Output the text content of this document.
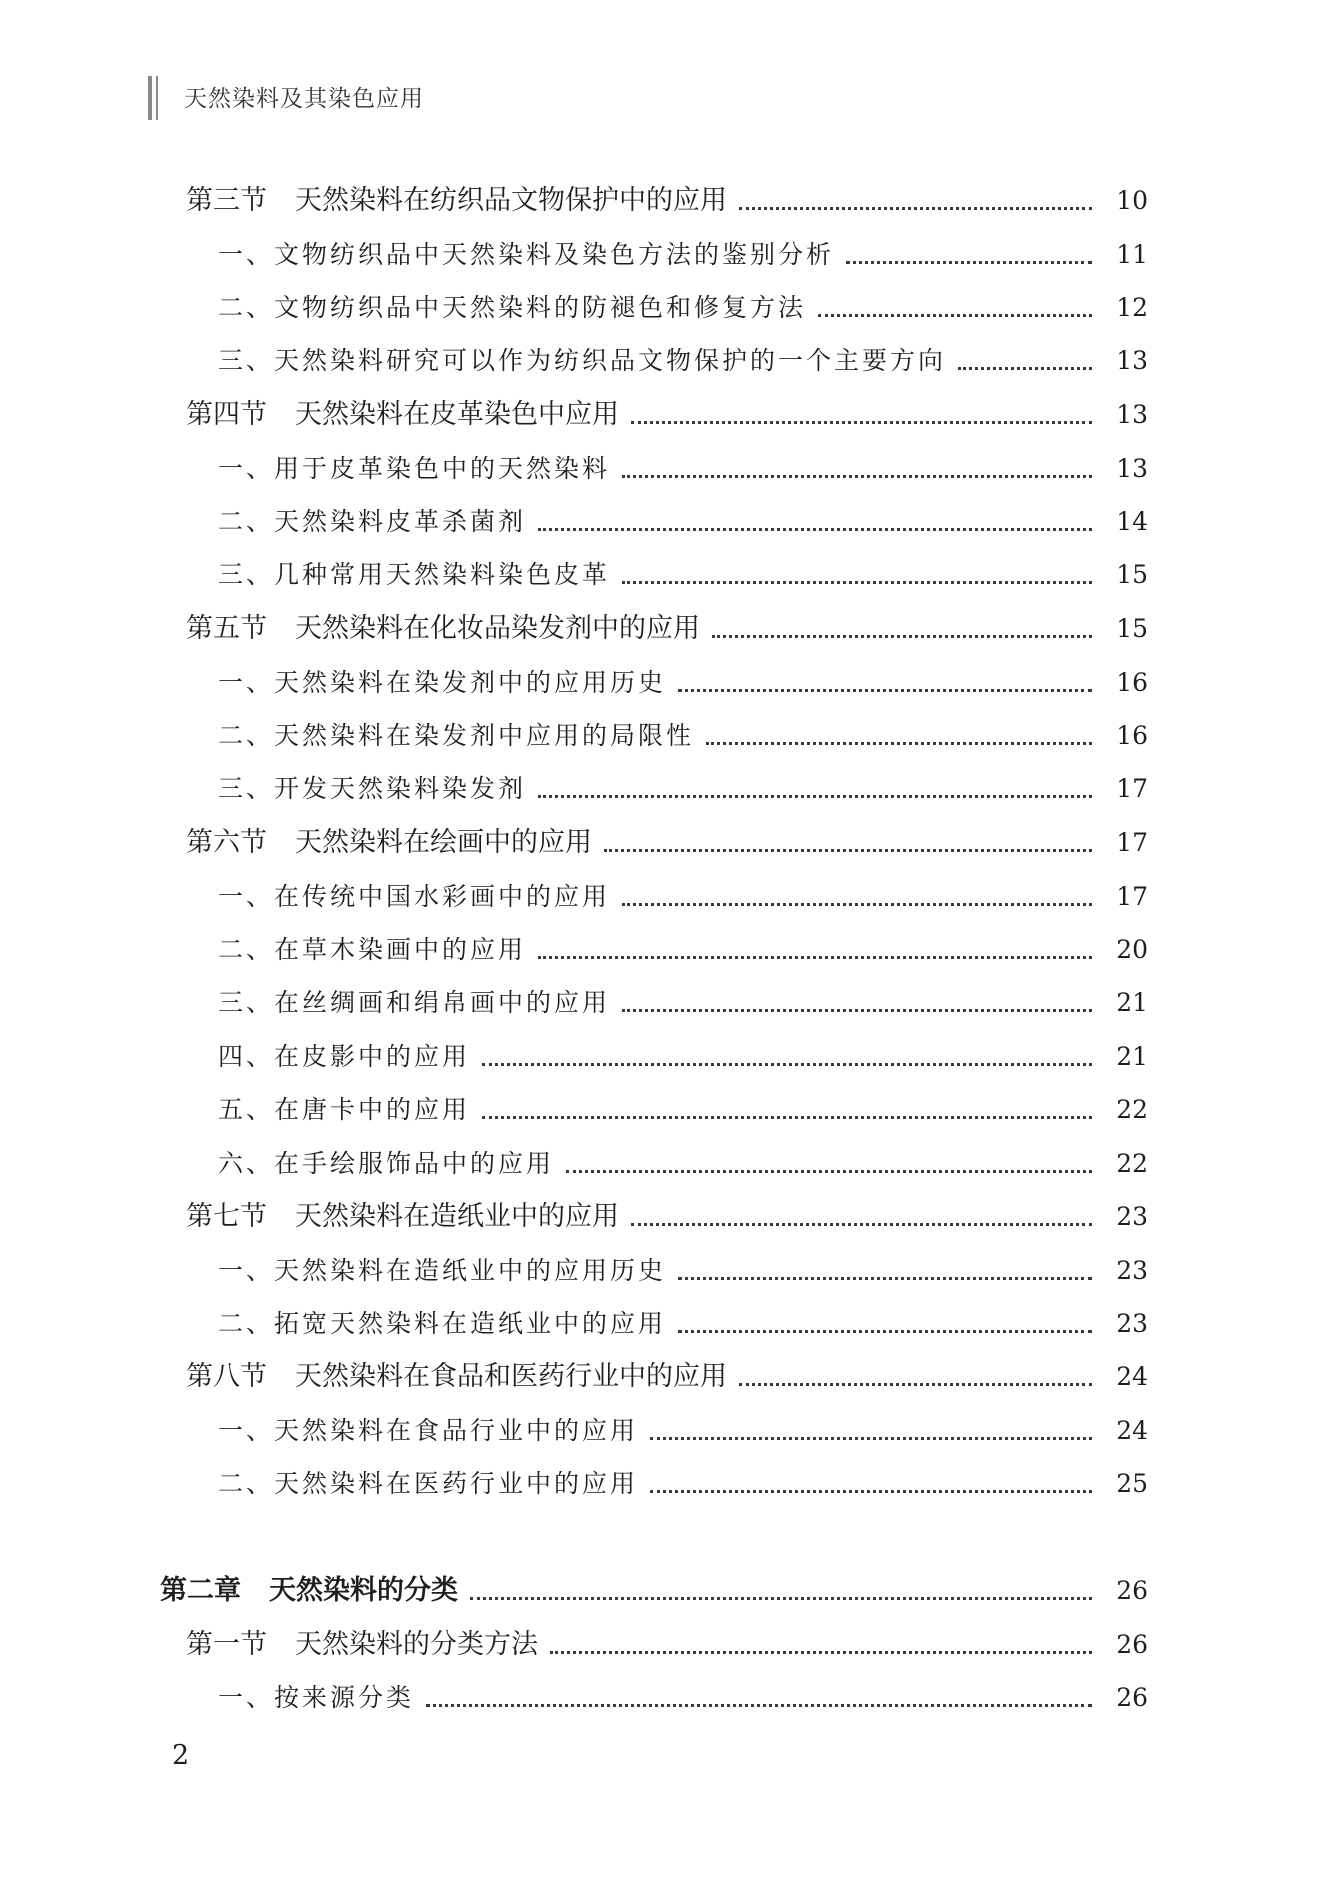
天然染料及其染色应用
第三节 天然染料在纺织品文物保护中的应用	10
一、文物纺织品中天然染料及染色方法的鉴别分析	11
二、文物纺织品中天然染料的防褪色和修复方法	12
三、天然染料研究可以作为纺织品文物保护的一个主要方向	13
第四节 天然染料在皮革染色中应用	13
一、用于皮革染色中的天然染料	13
二、天然染料皮革杀菌剂	14
三、几种常用天然染料染色皮革	15
第五节 天然染料在化妆品染发剂中的应用	15
一、天然染料在染发剂中的应用历史	16
二、天然染料在染发剂中应用的局限性	16
三、开发天然染料染发剂	17
第六节 天然染料在绘画中的应用	17
一、在传统中国水彩画中的应用	17
二、在草木染画中的应用	20
三、在丝绸画和绢帛画中的应用	21
四、在皮影中的应用	21
五、在唐卡中的应用	22
六、在手绘服饰品中的应用	22
第七节 天然染料在造纸业中的应用	23
一、天然染料在造纸业中的应用历史	23
二、拓宽天然染料在造纸业中的应用	23
第八节 天然染料在食品和医药行业中的应用	24
一、天然染料在食品行业中的应用	24
二、天然染料在医药行业中的应用	25
第二章 天然染料的分类	26
第一节 天然染料的分类方法	26
一、按来源分类	26
2
